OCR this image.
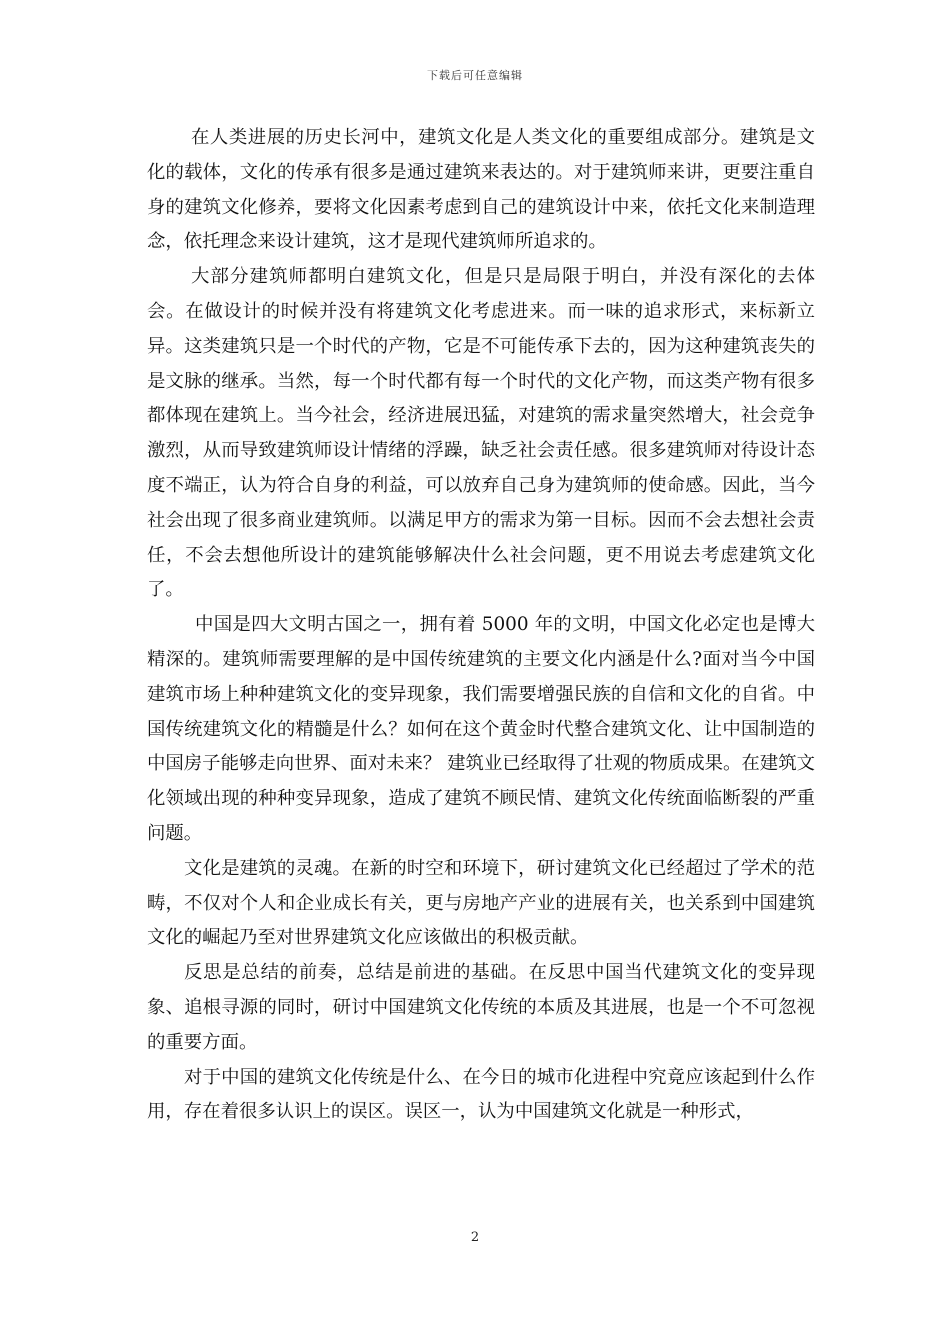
下载后可任意编辑

在人类进展的历史长河中，建筑文化是人类文化的重要组成部分。建筑是文化的载体，文化的传承有很多是通过建筑来表达的。对于建筑师来讲，更要注重自身的建筑文化修养，要将文化因素考虑到自己的建筑设计中来，依托文化来制造理念，依托理念来设计建筑，这才是现代建筑师所追求的。

大部分建筑师都明白建筑文化，但是只是局限于明白，并没有深化的去体会。在做设计的时候并没有将建筑文化考虑进来。而一味的追求形式，来标新立异。这类建筑只是一个时代的产物，它是不可能传承下去的，因为这种建筑丧失的是文脉的继承。当然，每一个时代都有每一个时代的文化产物，而这类产物有很多都体现在建筑上。当今社会，经济进展迅猛，对建筑的需求量突然增大，社会竞争激烈，从而导致建筑师设计情绪的浮躁，缺乏社会责任感。很多建筑师对待设计态度不端正，认为符合自身的利益，可以放弃自己身为建筑师的使命感。因此，当今社会出现了很多商业建筑师。以满足甲方的需求为第一目标。因而不会去想社会责任，不会去想他所设计的建筑能够解决什么社会问题，更不用说去考虑建筑文化了。

中国是四大文明古国之一，拥有着 5000 年的文明，中国文化必定也是博大精深的。建筑师需要理解的是中国传统建筑的主要文化内涵是什么?面对当今中国建筑市场上种种建筑文化的变异现象，我们需要增强民族的自信和文化的自省。中国传统建筑文化的精髓是什么？如何在这个黄金时代整合建筑文化、让中国制造的中国房子能够走向世界、面对未来？ 建筑业已经取得了壮观的物质成果。在建筑文化领域出现的种种变异现象，造成了建筑不顾民情、建筑文化传统面临断裂的严重问题。

文化是建筑的灵魂。在新的时空和环境下，研讨建筑文化已经超过了学术的范畴，不仅对个人和企业成长有关，更与房地产产业的进展有关，也关系到中国建筑文化的崛起乃至对世界建筑文化应该做出的积极贡献。

反思是总结的前奏，总结是前进的基础。在反思中国当代建筑文化的变异现象、追根寻源的同时，研讨中国建筑文化传统的本质及其进展，也是一个不可忽视的重要方面。

对于中国的建筑文化传统是什么、在今日的城市化进程中究竟应该起到什么作用，存在着很多认识上的误区。误区一，认为中国建筑文化就是一种形式，

2
